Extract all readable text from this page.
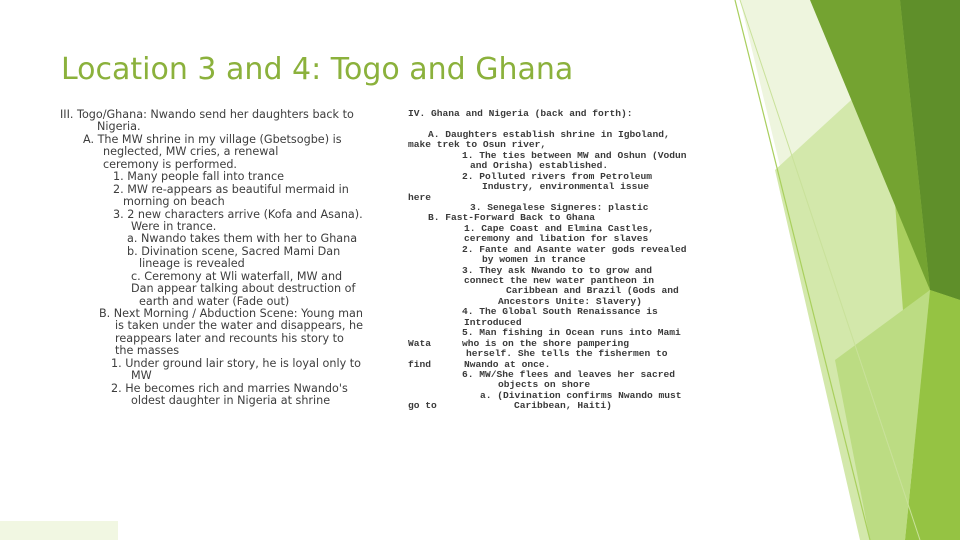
Location 3 and 4: Togo and Ghana
III. Togo/Ghana: Nwando send her daughters back to
Nigeria.
A. The MW shrine in my village (Gbetsogbe) is
neglected, MW cries, a renewal
ceremony is performed.
1. Many people fall into trance
2. MW re-appears as beautiful mermaid in
morning on beach
3. 2 new characters arrive (Kofa and Asana).
Were in trance.
a. Nwando takes them with her to Ghana
b. Divination scene, Sacred Mami Dan
lineage is revealed
c. Ceremony at Wli waterfall, MW and
Dan appear talking about destruction of
earth and water (Fade out)
B. Next Morning / Abduction Scene: Young man
is taken under the water and disappears, he
reappears later and recounts his story to
the masses
1. Under ground lair story, he is loyal only to
MW
2. He becomes rich and marries Nwando's
oldest daughter in Nigeria at shrine
IV. Ghana and Nigeria (back and forth):
A. Daughters establish shrine in Igboland,
make trek to Osun river,
1. The ties between MW and Oshun (Vodun
and Orisha) established.
2. Polluted rivers from Petroleum
Industry, environmental issue
here
3. Senegalese Signeres: plastic
B. Fast-Forward Back to Ghana
1. Cape Coast and Elmina Castles,
ceremony and libation for slaves
2. Fante and Asante water gods revealed
by women in trance
3. They ask Nwando to to grow and
connect the new water pantheon in
Caribbean and Brazil (Gods and
Ancestors Unite: Slavery)
4. The Global South Renaissance is
Introduced
5. Man fishing in Ocean runs into Mami
Wata	who is on the shore pampering
herself. She tells the fishermen to
find	Nwando at once.
6. MW/She flees and leaves her sacred
objects on shore
a. (Divination confirms Nwando must
go to	Caribbean, Haiti)
